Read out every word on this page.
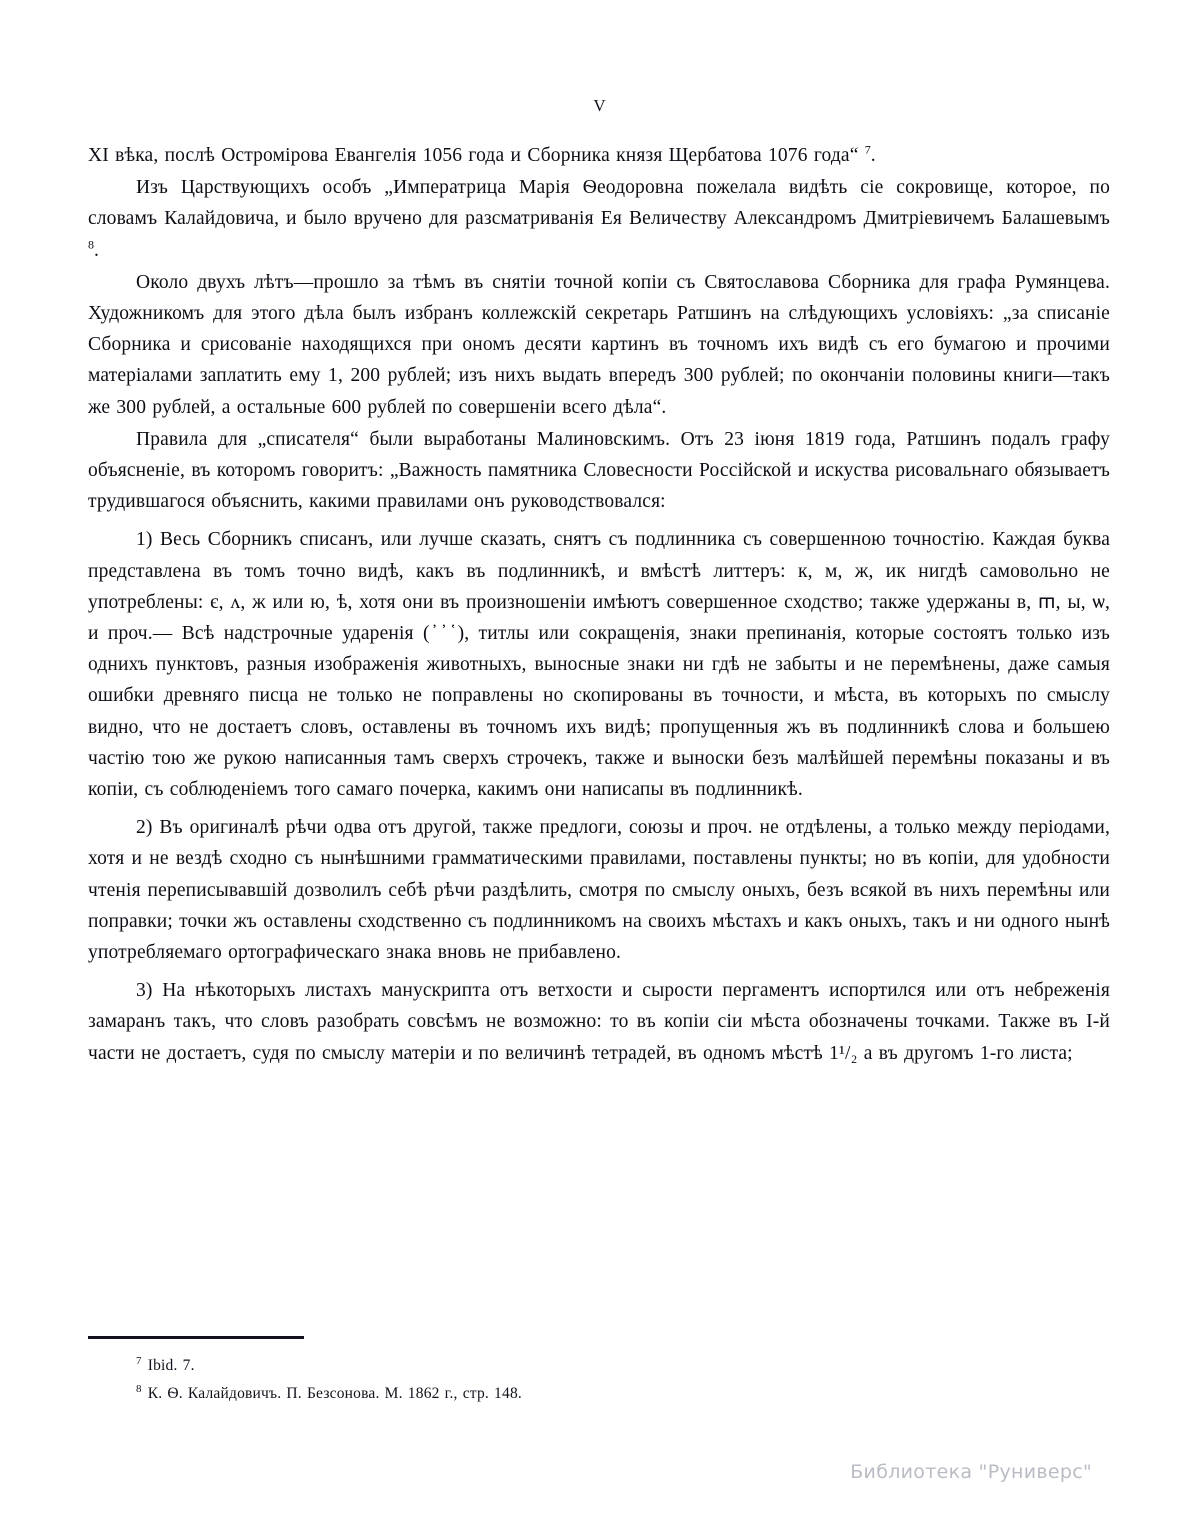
V

XI вѣка, послѣ Остромірова Евангелія 1056 года и Сборника князя Щербатова 1076 года“ $^7$.

Изъ Царствующихъ особъ „Императрица Марія Ѳеодоровна пожелала видѣть сіе сокровище, которое, по словамъ Калайдовича, и было вручено для разсматриванія Ея Величеству Александромъ Дмитріевичемъ Балашевымъ $^8$.

Около двухъ лѣтъ—прошло за тѣмъ въ снятіи точной копіи съ Святославова Сборника для графа Румянцева. Художникомъ для этого дѣла былъ избранъ коллежскій секретарь Ратшинъ на слѣдующихъ условіяхъ: „за списаніе Сборника и срисованіе находящихся при ономъ десяти картинъ въ точномъ ихъ видѣ съ его бумагою и прочими матеріалами заплатить ему 1, 200 рублей; изъ нихъ выдать впередъ 300 рублей; по окончаніи половины книги—такъ же 300 рублей, а остальные 600 рублей по совершеніи всего дѣла“.

Правила для „списателя“ были выработаны Малиновскимъ. Отъ 23 іюня 1819 года, Ратшинъ подалъ графу объясненіе, въ которомъ говоритъ: „Важность памятника Словесности Россійской и искуства рисовальнаго обязываетъ трудившагося объяснить, какими правилами онъ руководствовался:

1) Весь Сборникъ списанъ, или лучше сказать, снятъ съ подлинника съ совершенною точностію. Каждая буква представлена въ томъ точно видѣ, какъ въ подлинникѣ, и вмѣстѣ литтеръ: к, м, ж, ик нигдѣ самовольно не употреблены: є, ᴧ, ж или ю, ѣ, хотя они въ произношеніи имѣютъ совершенное сходство; также удержаны в, ᲅ, ы, ѡ, и проч.— Всѣ надстрочные ударенія ( ҆ ҆ ҅), титлы или сокращенія, знаки препинанія, которые состоятъ только изъ однихъ пунктовъ, разныя изображенія животныхъ, выносные знаки ни гдѣ не забыты и не перемѣнены, даже самыя ошибки древняго писца не только не поправлены но скопированы въ точности, и мѣста, въ которыхъ по смыслу видно, что не достаетъ словъ, оставлены въ точномъ ихъ видѣ; пропущенныя жъ въ подлинникѣ слова и большею частію тою же рукою написанныя тамъ сверхъ строчекъ, также и выноски безъ малѣйшей перемѣны показаны и въ копіи, съ соблюденіемъ того самаго почерка, какимъ они написапы въ подлинникѣ.

2) Въ оригиналѣ рѣчи одва отъ другой, также предлоги, союзы и проч. не отдѣлены, а только между періодами, хотя и не вездѣ сходно съ нынѣшними грамматическими правилами, поставлены пункты; но въ копіи, для удобности чтенія переписывавшій дозволилъ себѣ рѣчи раздѣлить, смотря по смыслу оныхъ, безъ всякой въ нихъ перемѣны или поправки; точки жъ оставлены сходственно съ подлинникомъ на своихъ мѣстахъ и какъ оныхъ, такъ и ни одного нынѣ употребляемаго ортографическаго знака вновь не прибавлено.

3) На нѣкоторыхъ листахъ манускрипта отъ ветхости и сырости пергаментъ испортился или отъ небреженія замаранъ такъ, что словъ разобрать совсѣмъ не возможно: то въ копіи сіи мѣста обозначены точками. Также въ I-й части не достаетъ, судя по смыслу матеріи и по величинѣ тетрадей, въ одномъ мѣстѣ 1¹/₂ а въ другомъ 1-го листа;

$^7$ Ibid. 7.
$^8$ К. Ѳ. Калайдовичъ. П. Безсонова. М. 1862 г., стр. 148.
Библиотека "Руниверс"
